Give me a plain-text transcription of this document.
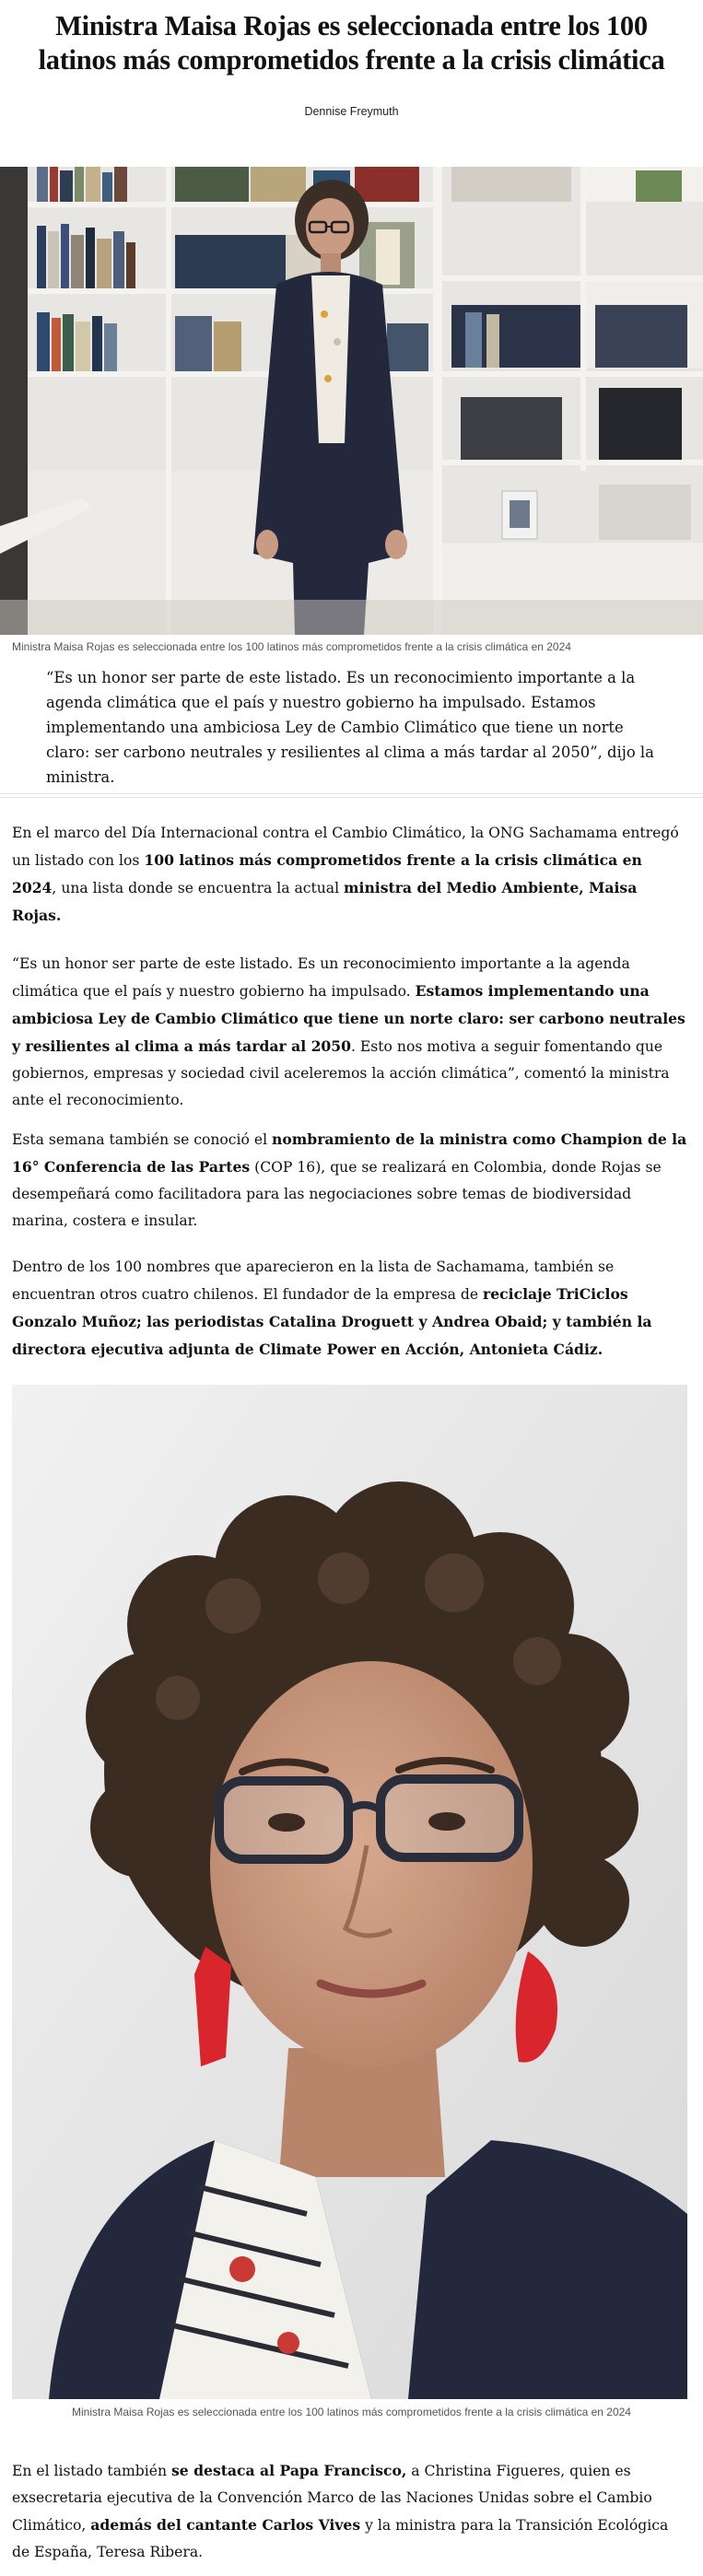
Ministra Maisa Rojas es seleccionada entre los 100 latinos más comprometidos frente a la crisis climática
Dennise Freymuth
Ministra Maisa Rojas es seleccionada entre los 100 latinos más comprometidos frente a la crisis climática en 2024
“Es un honor ser parte de este listado. Es un reconocimiento importante a la agenda climática que el país y nuestro gobierno ha impulsado. Estamos implementando una ambiciosa Ley de Cambio Climático que tiene un norte claro: ser carbono neutrales y resilientes al clima a más tardar al 2050”, dijo la ministra.

En el marco del Día Internacional contra el Cambio Climático, la ONG Sachamama entregó un listado con los 100 latinos más comprometidos frente a la crisis climática en 2024, una lista donde se encuentra la actual ministra del Medio Ambiente, Maisa Rojas.

“Es un honor ser parte de este listado. Es un reconocimiento importante a la agenda climática que el país y nuestro gobierno ha impulsado. Estamos implementando una ambiciosa Ley de Cambio Climático que tiene un norte claro: ser carbono neutrales y resilientes al clima a más tardar al 2050. Esto nos motiva a seguir fomentando que gobiernos, empresas y sociedad civil aceleremos la acción climática”, comentó la ministra ante el reconocimiento.

Esta semana también se conoció el nombramiento de la ministra como Champion de la 16° Conferencia de las Partes (COP 16), que se realizará en Colombia, donde Rojas se desempeñará como facilitadora para las negociaciones sobre temas de biodiversidad marina, costera e insular.

Dentro de los 100 nombres que aparecieron en la lista de Sachamama, también se encuentran otros cuatro chilenos. El fundador de la empresa de reciclaje TriCiclos Gonzalo Muñoz; las periodistas Catalina Droguett y Andrea Obaid; y también la directora ejecutiva adjunta de Climate Power en Acción, Antonieta Cádiz.

Ministra Maisa Rojas es seleccionada entre los 100 latinos más comprometidos frente a la crisis climática en 2024

En el listado también se destaca al Papa Francisco, a Christina Figueres, quien es exsecretaria ejecutiva de la Convención Marco de las Naciones Unidas sobre el Cambio Climático, además del cantante Carlos Vives y la ministra para la Transición Ecológica de España, Teresa Ribera.
